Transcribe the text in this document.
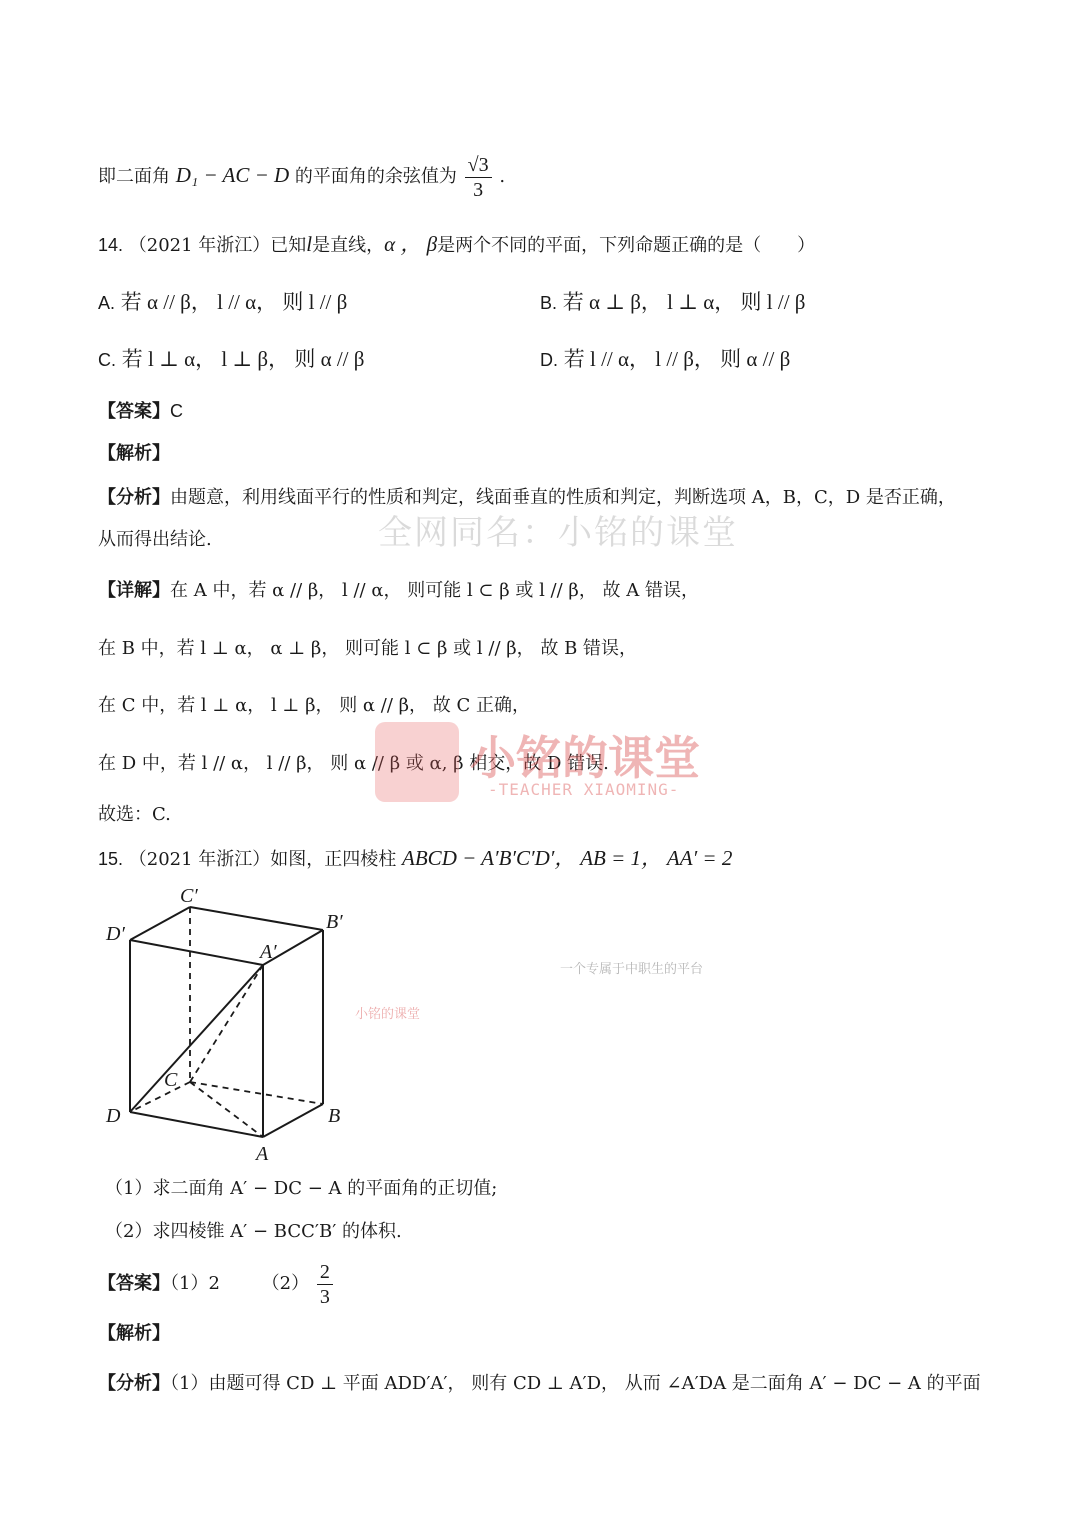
即二面角 D₁ − AC − D 的平面角的余弦值为 $\frac{√3}{3}$ .
14. （2021 年浙江）已知l是直线，α ， β是两个不同的平面，下列命题正确的是（　　）
A. 若 α // β， l // α， 则 l // β	B. 若 α ⊥ β， l ⊥ α， 则 l // β
C. 若 l ⊥ α， l ⊥ β， 则 α // β	D. 若 l // α， l // β， 则 α // β
【答案】C
【解析】
【分析】由题意，利用线面平行的性质和判定，线面垂直的性质和判定，判断选项 A，B，C，D 是否正确，
从而得出结论.
【详解】在 A 中，若 α // β， l // α， 则可能 l ⊂ β 或 l // β， 故 A 错误，
在 B 中，若 l ⊥ α， α ⊥ β， 则可能 l ⊂ β 或 l // β， 故 B 错误，
在 C 中，若 l ⊥ α， l ⊥ β， 则 α // β， 故 C 正确，
在 D 中，若 l // α， l // β， 则 α // β 或 α, β 相交，故 D 错误.
故选：C.
15. （2021 年浙江）如图，正四棱柱 ABCD − A′B′C′D′， AB = 1， AA′ = 2
C′
D′
B′
A′
C
D	B
A
（1）求二面角 A′ − DC − A 的平面角的正切值;
（2）求四棱锥 A′ − BCC′B′ 的体积.
【答案】（1）2 $(2) \frac{2}{3}$
【解析】
【分析】（1）由题可得 CD ⊥ 平面 ADD′A′， 则有 CD ⊥ A′D， 从而 ∠A′DA 是二面角 A′ − DC − A 的平面
全网同名：小铭的课堂
小铭的课堂
-TEACHER XIAOMING-
一个专属于中职生的平台
小铭的课堂
